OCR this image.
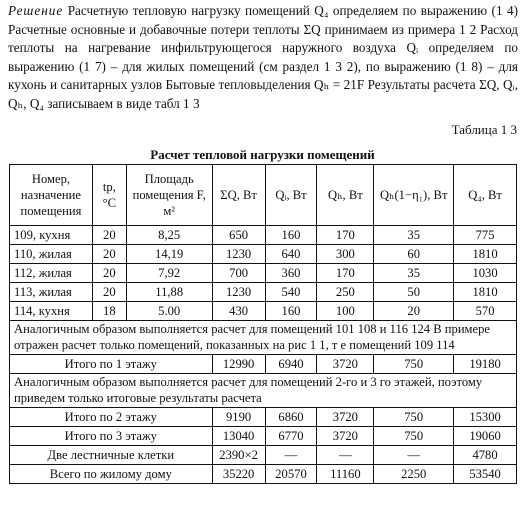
Решение Расчетную тепловую нагрузку помещений Q₄ определяем по выражению (1 4) Расчетные основные и добавочные потери теплоты ΣQ принимаем из примера 1 2 Расход теплоты на нагревание инфильтрующегося наружного воздуха Qᵢ определяем по выражению (1 7) – для жилых помещений (см раздел 1 3 2), по выражению (1 8) – для кухонь и санитарных узлов Бытовые тепловыделения Qₕ = 21F Результаты расчета ΣQ, Qᵢ, Qₕ, Q₄ записываем в виде табл 1 3
Таблица 1 3
Расчет тепловой нагрузки помещений
Номер, назначение помещения	tр, °С	Площадь помещения F, м²	ΣQ, Вт	Qᵢ, Вт	Qₕ, Вт	Qₕ(1−η₁), Вт	Q₄, Вт
109, кухня	20	8,25	650	160	170	35	775
110, жилая	20	14,19	1230	640	300	60	1810
112, жилая	20	7,92	700	360	170	35	1030
113, жилая	20	11,88	1230	540	250	50	1810
114, кухня	18	5.00	430	160	100	20	570
Аналогичным образом выполняется расчет для помещений 101 108 и 116 124 В примере отражен расчет только помещений, показанных на рис 1 1, т е помещений 109 114							
Итого по 1 этажу			12990	6940	3720	750	19180
Аналогичным образом выполняется расчет для помещений 2-го и 3 го этажей, поэтому приведем только итоговые результаты расчета							
Итого по 2 этажу			9190	6860	3720	750	15300
Итого по 3 этажу			13040	6770	3720	750	19060
Две лестничные клетки			2390×2	—	—	—	4780
Всего по жилому дому			35220	20570	11160	2250	53540
